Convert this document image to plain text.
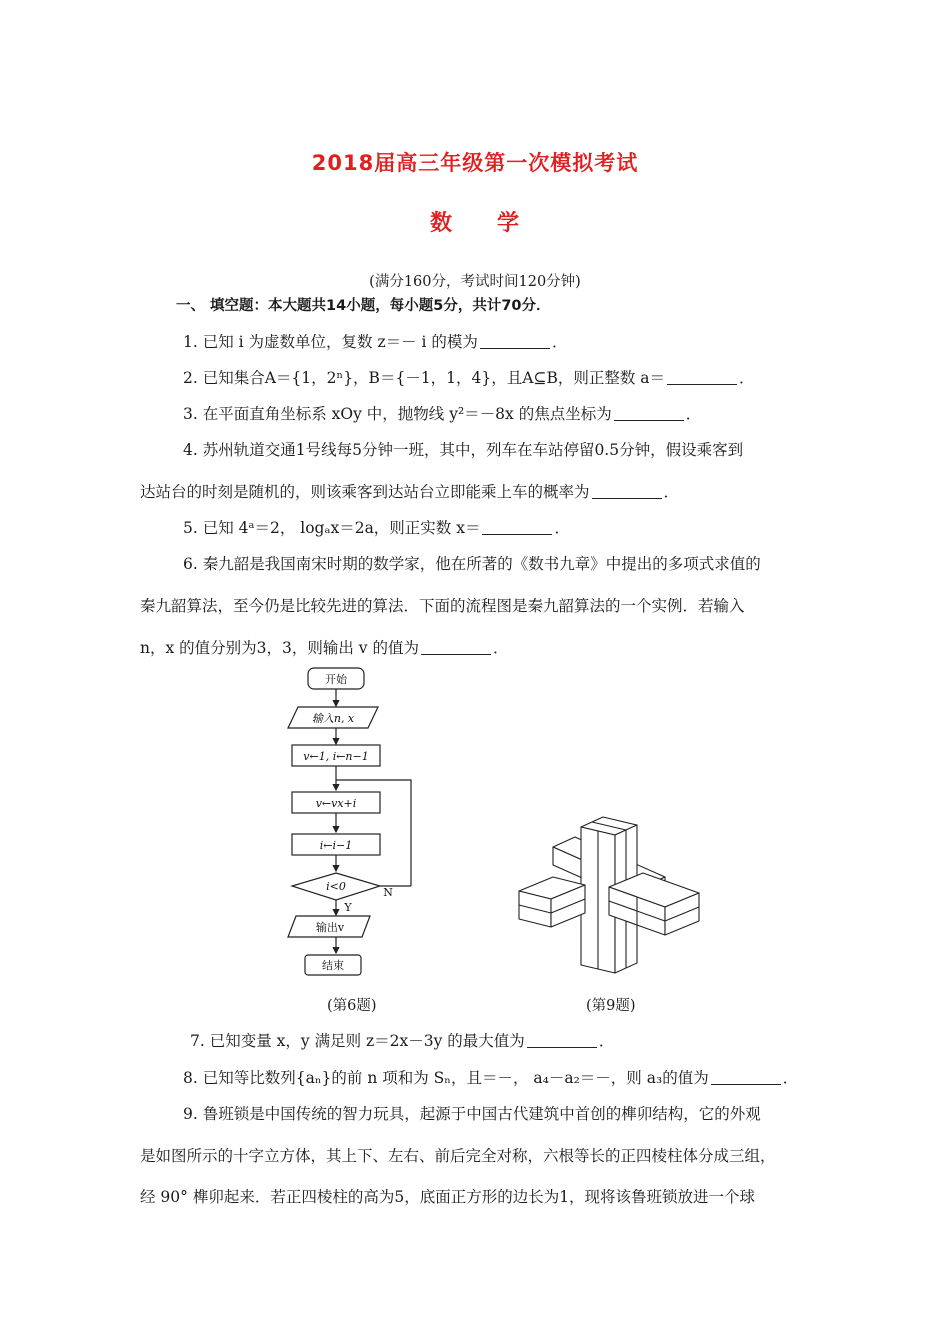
2018届高三年级第一次模拟考试
数 学
(满分160分，考试时间120分钟)
一、 填空题：本大题共14小题，每小题5分，共计70分．
1. 已知 i 为虚数单位，复数 z＝－ i 的模为	．
2. 已知集合A＝{1，2ⁿ}，B＝{－1，1，4}，且A⊆B，则正整数 a＝	．
3. 在平面直角坐标系 xOy 中，抛物线 y²＝－8x 的焦点坐标为	．
4. 苏州轨道交通1号线每5分钟一班，其中，列车在车站停留0.5分钟，假设乘客到
达站台的时刻是随机的，则该乘客到达站台立即能乘上车的概率为	．
5. 已知 4ᵃ＝2， logₐx＝2a，则正实数 x＝	．
6. 秦九韶是我国南宋时期的数学家，他在所著的《数书九章》中提出的多项式求值的
秦九韶算法，至今仍是比较先进的算法．下面的流程图是秦九韶算法的一个实例．若输入
n，x 的值分别为3，3，则输出 v 的值为	．
开始
输入n, x
v←1, i←n−1
v←vx+i
i←i−1
i<0	N
Y
输出v
结束
(第6题)	(第9题)
7. 已知变量 x，y 满足则 z＝2x－3y 的最大值为	．
8. 已知等比数列{aₙ}的前 n 项和为 Sₙ，且＝－， a₄－a₂＝－，则 a₃的值为	．
9. 鲁班锁是中国传统的智力玩具，起源于中国古代建筑中首创的榫卯结构，它的外观
是如图所示的十字立方体，其上下、左右、前后完全对称，六根等长的正四棱柱体分成三组，
经 90° 榫卯起来．若正四棱柱的高为5，底面正方形的边长为1，现将该鲁班锁放进一个球
